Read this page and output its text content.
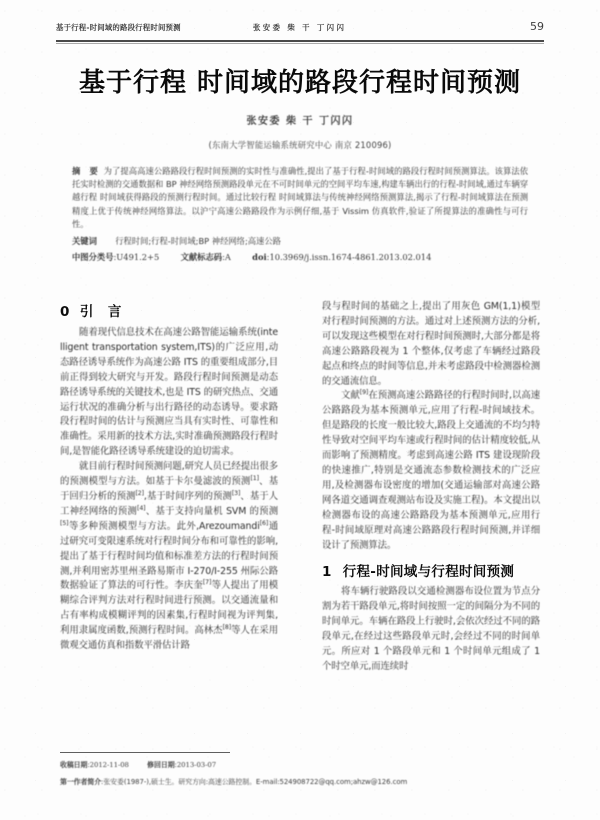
基于行程-时间域的路段行程时间预测	张安委 柴 干 丁闪闪	59
基于行程 时间域的路段行程时间预测
张安委 柴 干 丁闪闪
(东南大学智能运输系统研究中心 南京 210096)
摘 要 为了提高高速公路路段行程时间预测的实时性与准确性,提出了基于行程-时间域的路段行程时间预测算法。该算法依托实时检测的交通数据和 BP 神经网络预测路段单元在不可时间单元的空间平均车速,构建车辆出行的行程-时间域,通过车辆穿越行程 时间域获得路段的预测行程时间。通过比较行程 时间域算法与传统神经网络预测算法,揭示了行程-时间域算法在预测精度上优于传统神经网络算法。以沪宁高速公路路段作为示例仔细,基于 Vissim 仿真软件,验证了所提算法的准确性与可行性。
关键词 行程时间;行程-时间域;BP 神经网络;高速公路
中图分类号:U491.2+5	文献标志码:A	doi:10.3969/j.issn.1674-4861.2013.02.014
0 引　言

随着现代信息技术在高速公路智能运输系统(intelligent transportation system,ITS)的广泛应用,动态路径诱导系统作为高速公路 ITS 的重要组成部分,目前正得到较大研究与开发。路段行程时间预测是动态路径诱导系统的关键技术,也是 ITS 的研究热点、交通运行状况的准确分析与出行路径的动态诱导。要求路段行程时间的估计与预测应当具有实时性、可靠性和准确性。采用新的技术方法,实时准确预测路段行程时间,是智能化路径诱导系统建设的迫切需求。

就目前行程时间预测问题,研究人员已经提出很多的预测模型与方法。如基于卡尔曼滤波的预测[1]、基于回归分析的预测[2],基于时间序列的预测[3]、基于人工神经网络的预测[4]、基于支持向量机 SVM 的预测[5]等多种预测模型与方法。此外,Arezoumandi[6]通过研究可变限速系统对行程时间分布和可靠性的影响,提出了基于行程时间均值和标准差方法的行程时间预测,并利用密苏里州圣路易斯市 I-270/I-255 州际公路数据验证了算法的可行性。李庆奎[7]等人提出了用模糊综合评判方法对行程时间进行预测。以交通流量和占有率构成模糊评判的因素集,行程时间视为评判集,利用隶属度函数,预测行程时间。高林杰[8]等人在采用微观交通仿真和指数平滑估计路

段与程时间的基础之上,提出了用灰色 GM(1,1)模型对行程时间预测的方法。通过对上述预测方法的分析,可以发现这些模型在对行程时间预测时,大部分都是将高速公路路段视为 1 个整体,仅考虑了车辆经过路段起点和终点的时间等信息,并未考虑路段中检测器检测的交通流信息。

文献[9]在预测高速公路路径的行程时间时,以高速公路路段为基本预测单元,应用了行程-时间域技术。但是路段的长度一般比较大,路段上交通流的不均匀特性导致对空间平均车速或行程时间的估计精度较低,从而影响了预测精度。考虑到高速公路 ITS 建设现阶段的快速推广,特别是交通流态参数检测技术的广泛应用,及检测器布设密度的增加(交通运输部对高速公路网各道交通调查观测站布设及实施工程)。本文提出以检测器布设的高速公路路段为基本预测单元,应用行程-时间域原理对高速公路路段行程时间预测,并详细设计了预测算法。

1 行程-时间域与行程时间预测

将车辆行驶路段以交通检测器布设位置为节点分割为若干路段单元,将时间按照一定的间隔分为不同的时间单元。车辆在路段上行驶时,会依次经过不同的路段单元,在经过这些路段单元时,会经过不同的时间单元。所应对 1 个路段单元和 1 个时间单元组成了 1 个时空单元,而连续时

收稿日期:2012-11-08	修回日期:2013-03-07
第一作者简介:张安委(1987-),硕士生。研究方向:高速公路控制。E-mail:524908722@qq.com;ahzw@126.com
